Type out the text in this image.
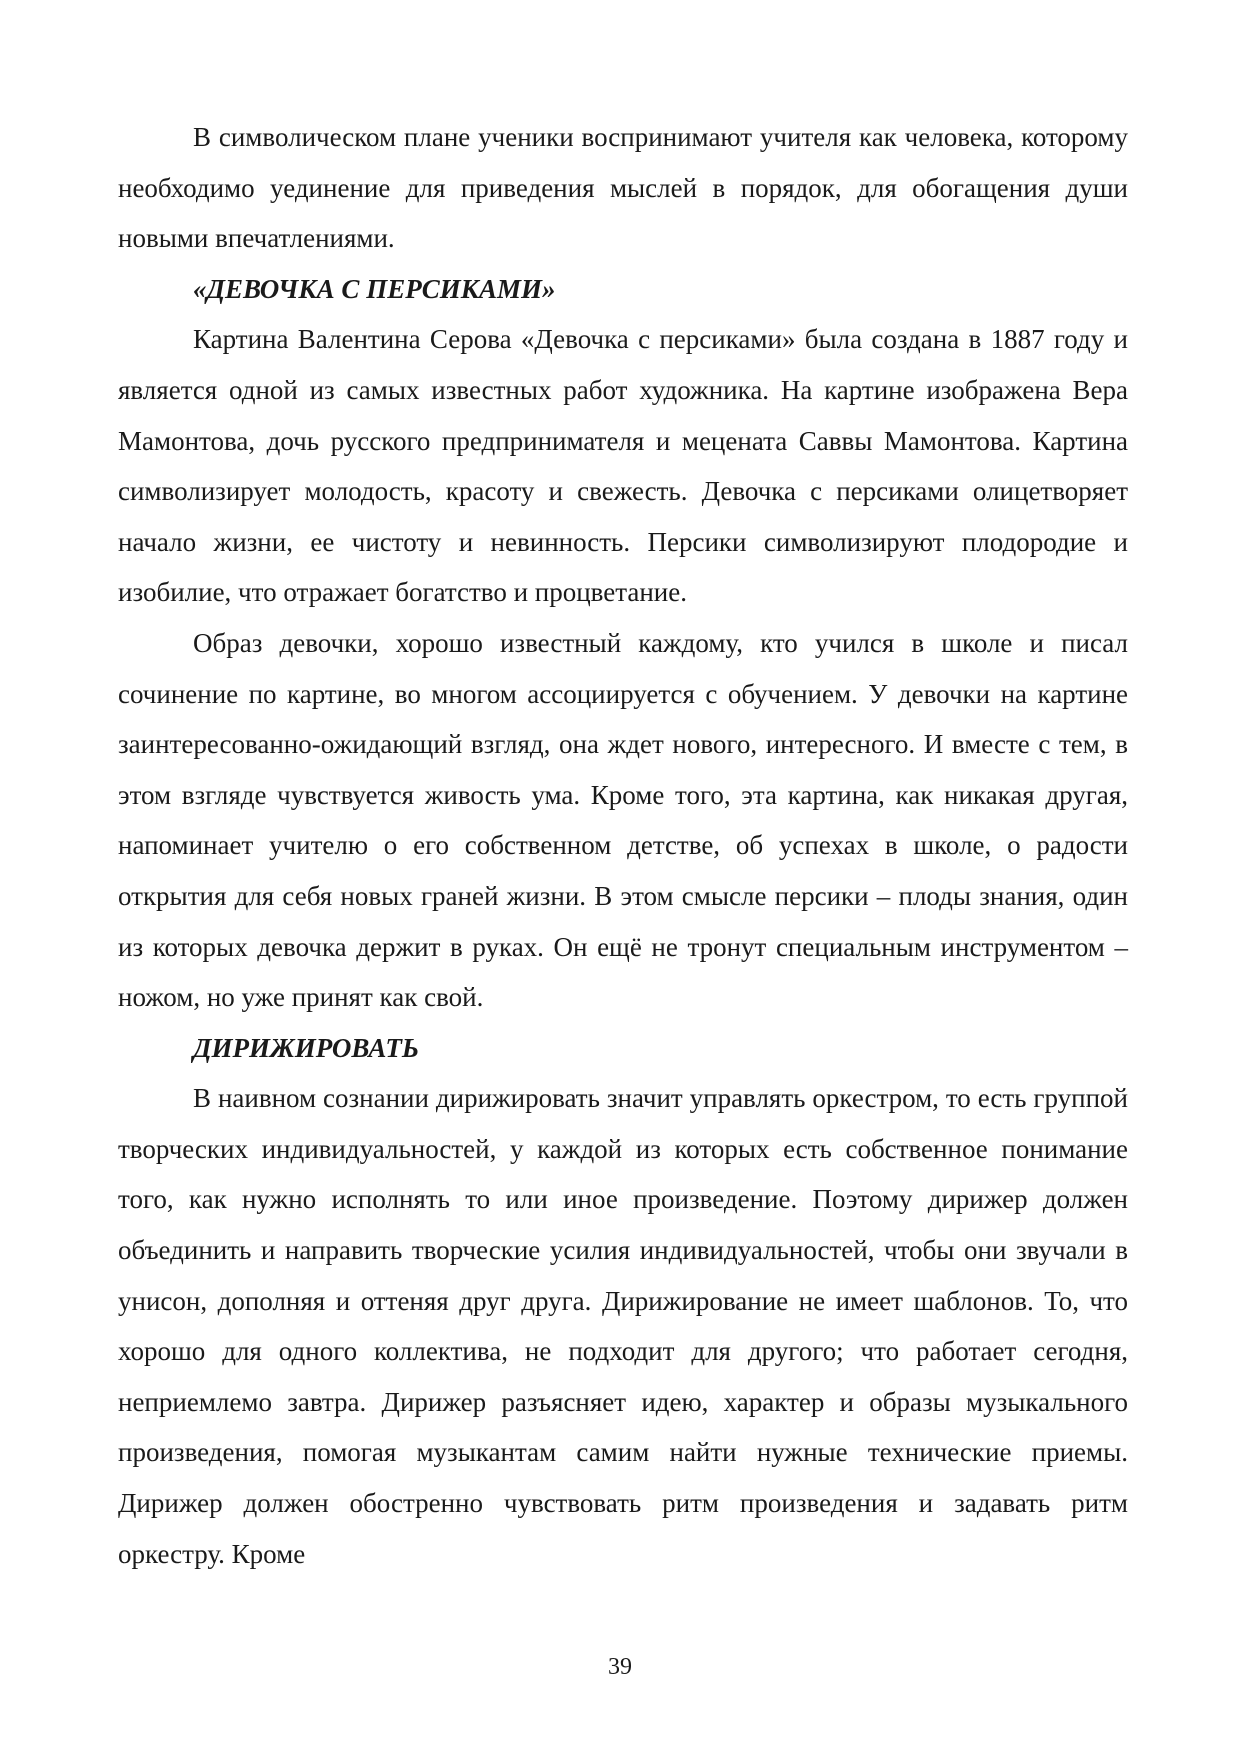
В символическом плане ученики воспринимают учителя как человека, которому необходимо уединение для приведения мыслей в порядок, для обогащения души новыми впечатлениями.

«ДЕВОЧКА С ПЕРСИКАМИ»

Картина Валентина Серова «Девочка с персиками» была создана в 1887 году и является одной из самых известных работ художника. На картине изображена Вера Мамонтова, дочь русского предпринимателя и мецената Саввы Мамонтова. Картина символизирует молодость, красоту и свежесть. Девочка с персиками олицетворяет начало жизни, ее чистоту и невинность. Персики символизируют плодородие и изобилие, что отражает богатство и процветание.

Образ девочки, хорошо известный каждому, кто учился в школе и писал сочинение по картине, во многом ассоциируется с обучением. У девочки на картине заинтересованно-ожидающий взгляд, она ждет нового, интересного. И вместе с тем, в этом взгляде чувствуется живость ума. Кроме того, эта картина, как никакая другая, напоминает учителю о его собственном детстве, об успехах в школе, о радости открытия для себя новых граней жизни. В этом смысле персики – плоды знания, один из которых девочка держит в руках. Он ещё не тронут специальным инструментом – ножом, но уже принят как свой.

ДИРИЖИРОВАТЬ

В наивном сознании дирижировать значит управлять оркестром, то есть группой творческих индивидуальностей, у каждой из которых есть собственное понимание того, как нужно исполнять то или иное произведение. Поэтому дирижер должен объединить и направить творческие усилия индивидуальностей, чтобы они звучали в унисон, дополняя и оттеняя друг друга. Дирижирование не имеет шаблонов. То, что хорошо для одного коллектива, не подходит для другого; что работает сегодня, неприемлемо завтра. Дирижер разъясняет идею, характер и образы музыкального произведения, помогая музыкантам самим найти нужные технические приемы. Дирижер должен обостренно чувствовать ритм произведения и задавать ритм оркестру. Кроме

39
